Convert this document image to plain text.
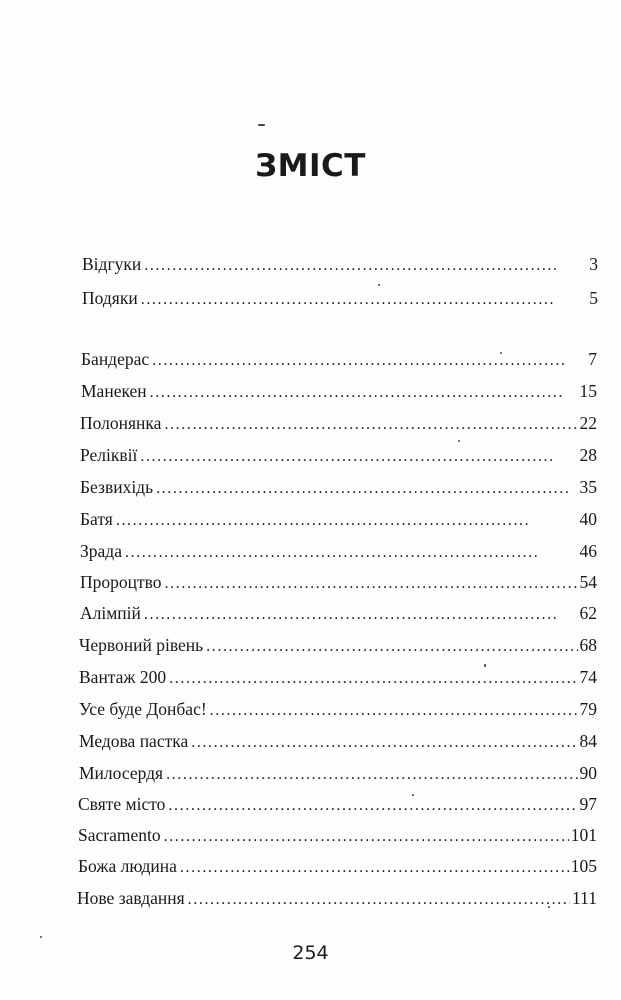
ЗМІСТ
Відгуки . . .	3
Подяки . . .	5
Бандерас . . .	7
Манекен . . .	15
Полонянка . . .	22
Реліквії . . .	28
Безвихідь . . .	35
Батя . . .	40
Зрада . . .	46
Пророцтво . . .	54
Алімпій . . .	62
Червоний рівень . . .	68
Вантаж 200 . . .	74
Усе буде Донбас! . . .	79
Медова пастка . . .	84
Милосердя . . .	90
Святе місто . . .	97
Sacramento . . .	101
Божа людина . . .	105
Нове завдання . . .	111

254
